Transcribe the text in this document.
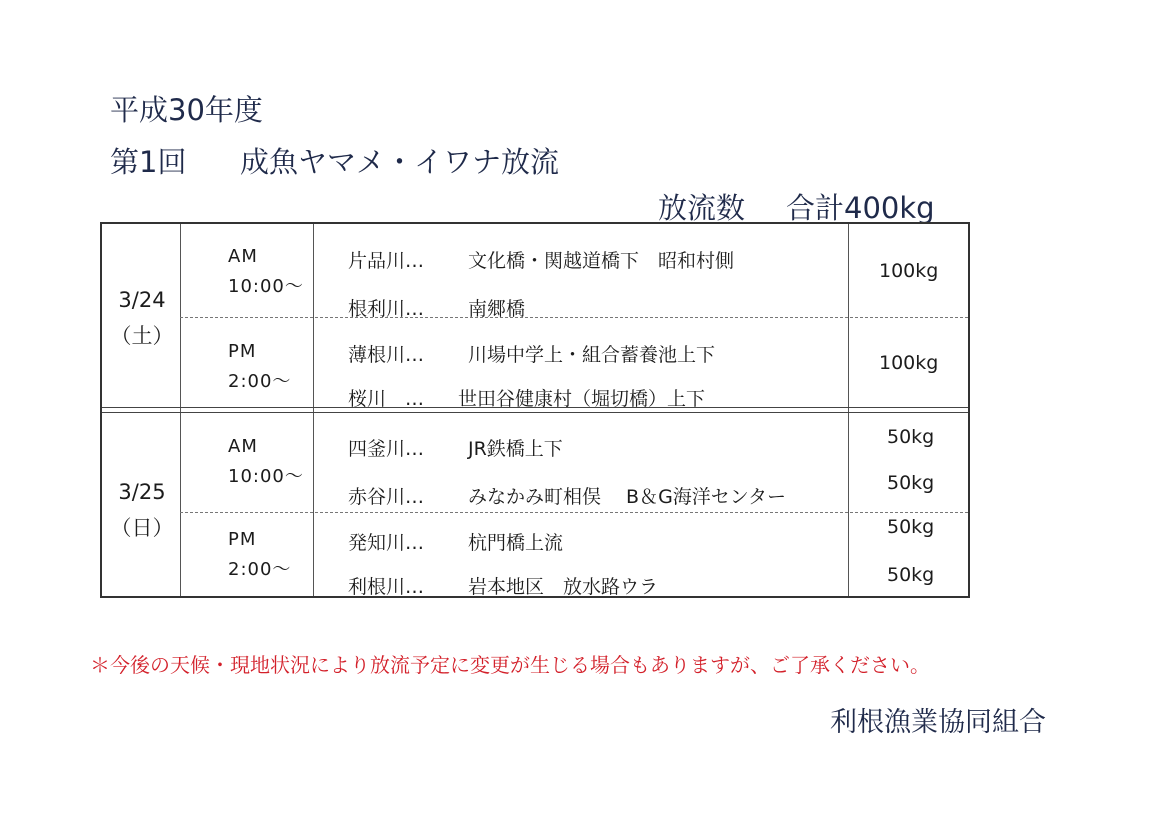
平成30年度
第1回 成魚ヤマメ・イワナ放流
放流数 合計400kg
3/24
（土）
AM
10:00～
片品川… 文化橋・関越道橋下　昭和村側
根利川… 南郷橋
100kg
PM
2:00～
薄根川… 川場中学上・組合蓄養池上下
桜川　… 世田谷健康村（堀切橋）上下
100kg
3/25
（日）
AM
10:00～
四釜川… JR鉄橋上下
赤谷川… みなかみ町相俣　 B＆G海洋センター
50kg
50kg
PM
2:00～
発知川… 杭門橋上流
利根川… 岩本地区　放水路ウラ
50kg
50kg
＊今後の天候・現地状況により放流予定に変更が生じる場合もありますが、ご了承ください。
利根漁業協同組合
